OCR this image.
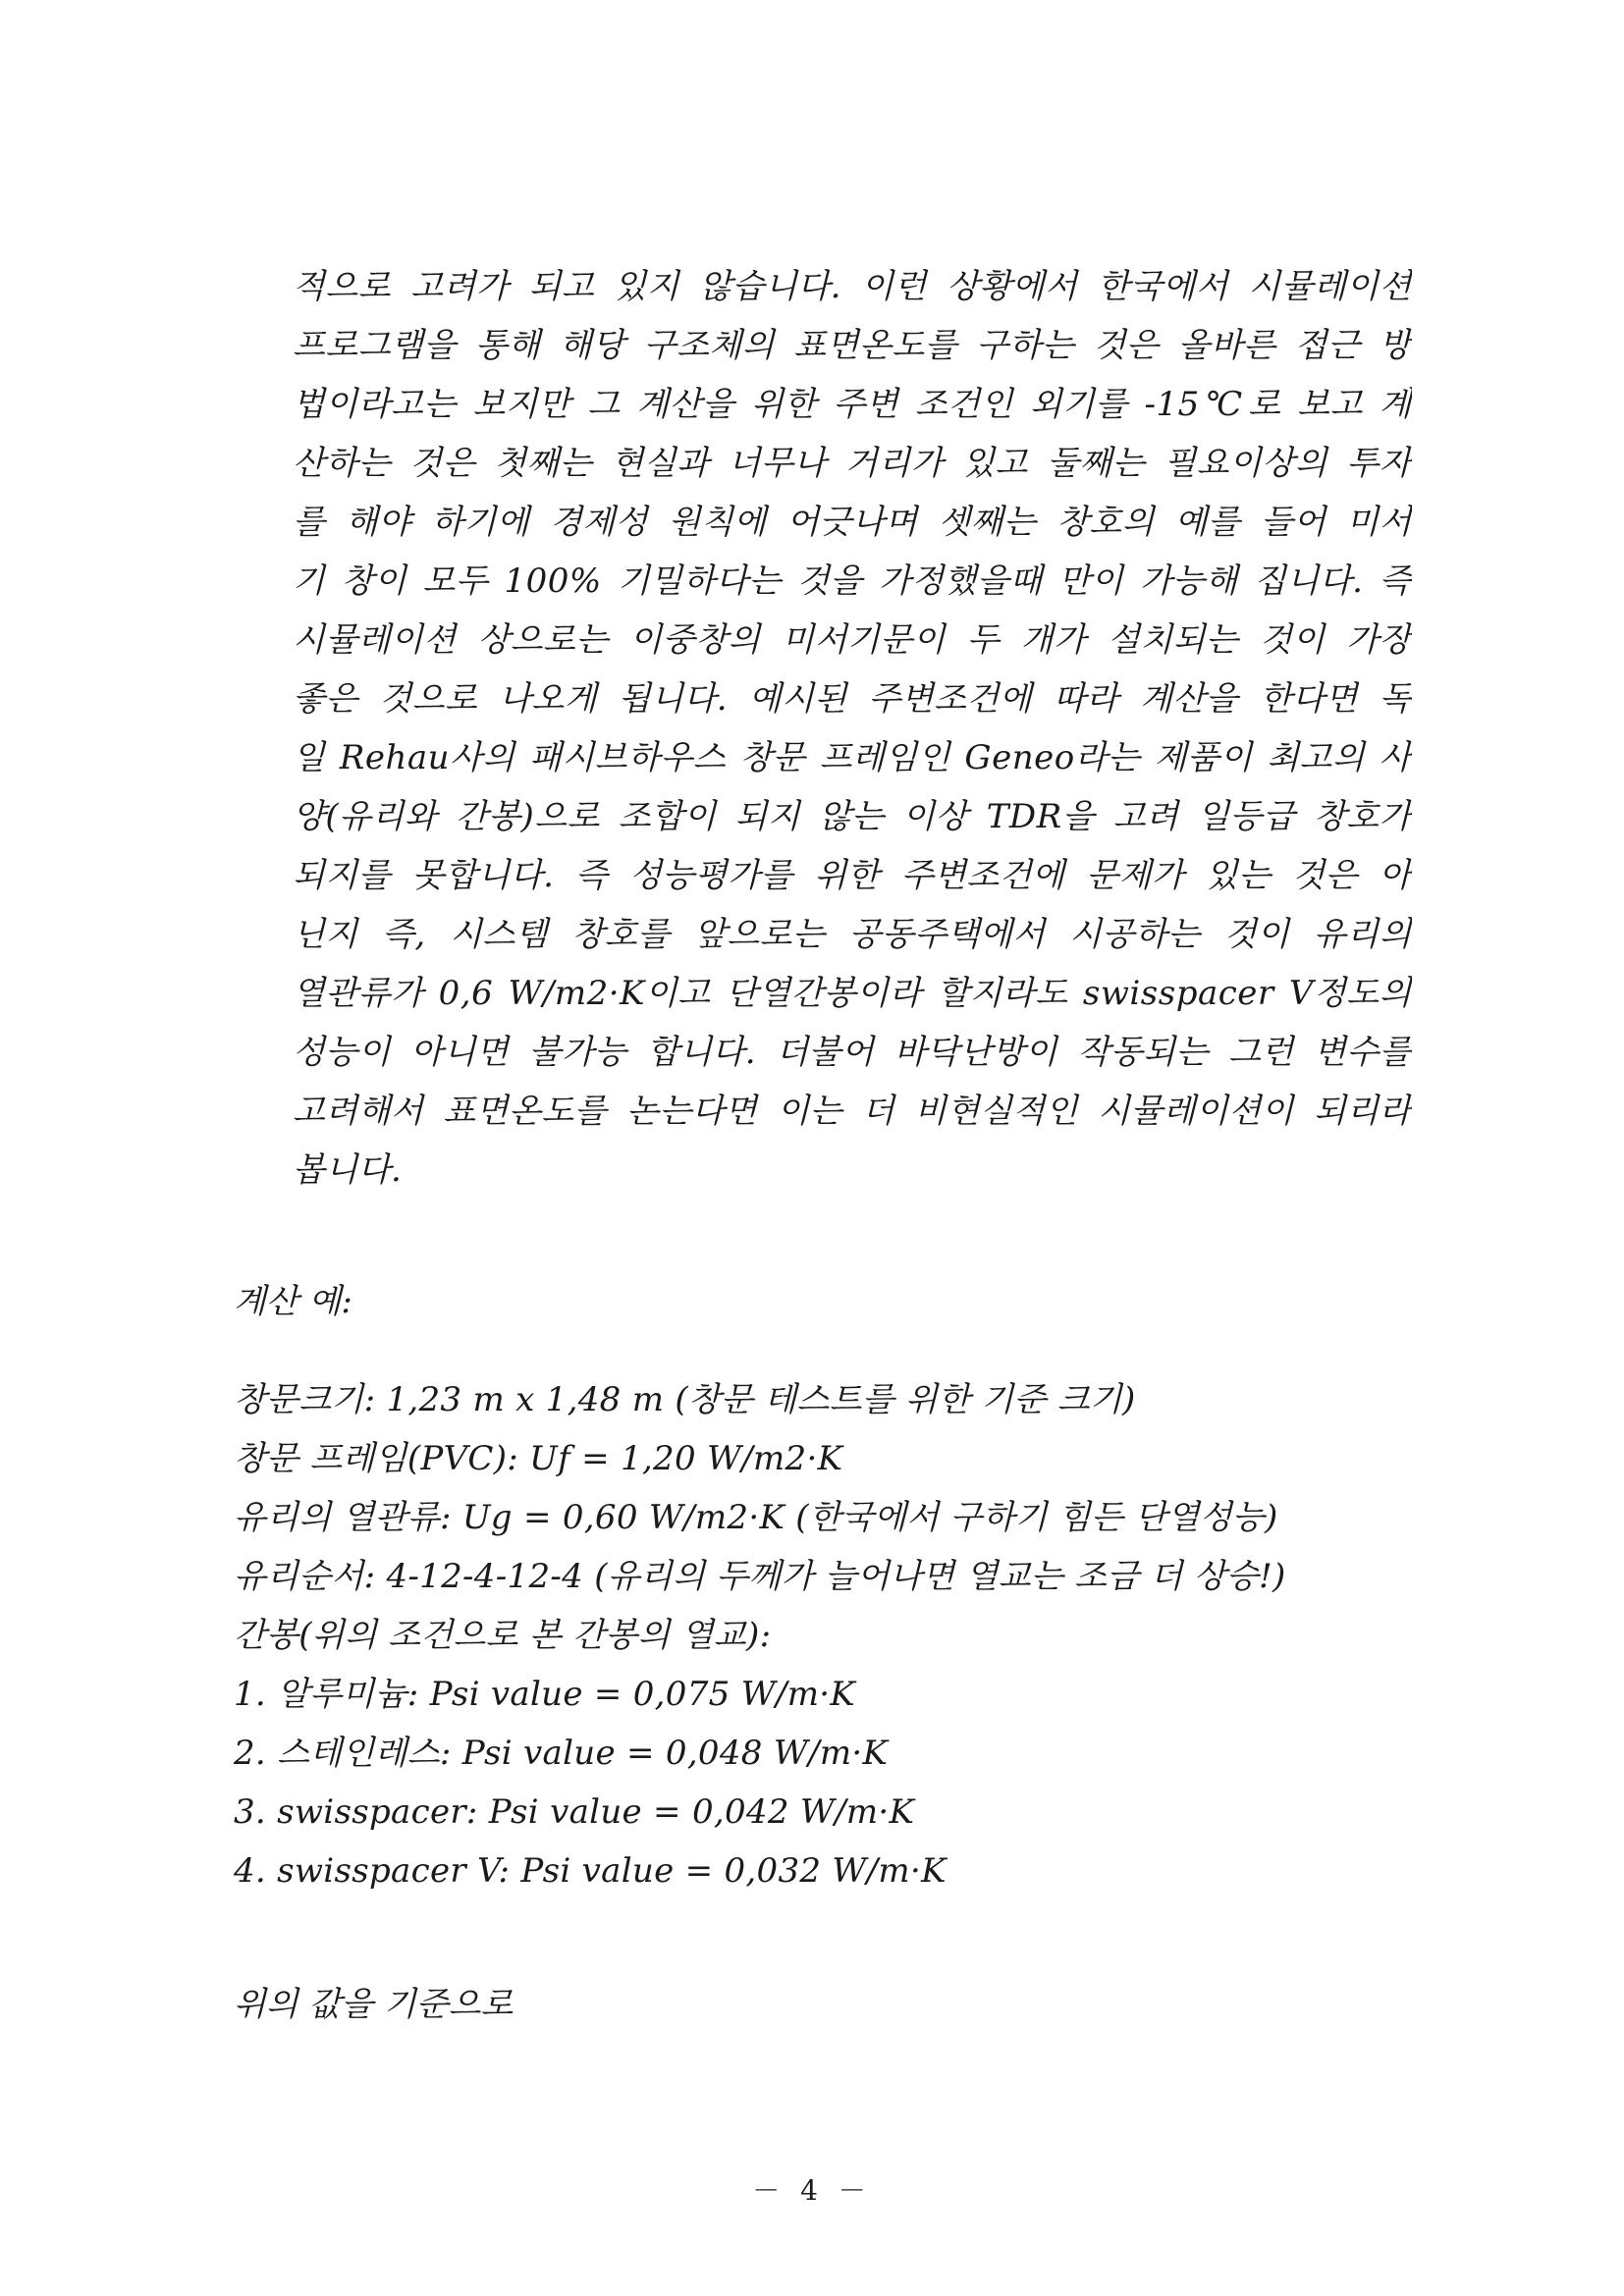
적으로 고려가 되고 있지 않습니다. 이런 상황에서 한국에서 시뮬레이션
프로그램을 통해 해당 구조체의 표면온도를 구하는 것은 올바른 접근 방
법이라고는 보지만 그 계산을 위한 주변 조건인 외기를 -15℃로 보고 계
산하는 것은 첫째는 현실과 너무나 거리가 있고 둘째는 필요이상의 투자
를 해야 하기에 경제성 원칙에 어긋나며 셋째는 창호의 예를 들어 미서
기 창이 모두 100% 기밀하다는 것을 가정했을때 만이 가능해 집니다. 즉
시뮬레이션 상으로는 이중창의 미서기문이 두 개가 설치되는 것이 가장
좋은 것으로 나오게 됩니다. 예시된 주변조건에 따라 계산을 한다면 독
일 Rehau사의 패시브하우스 창문 프레임인 Geneo라는 제품이 최고의 사
양(유리와 간봉)으로 조합이 되지 않는 이상 TDR을 고려 일등급 창호가
되지를 못합니다. 즉 성능평가를 위한 주변조건에 문제가 있는 것은 아
닌지 즉, 시스템 창호를 앞으로는 공동주택에서 시공하는 것이 유리의
열관류가 0,6 W/m2·K이고 단열간봉이라 할지라도 swisspacer V정도의
성능이 아니면 불가능 합니다. 더불어 바닥난방이 작동되는 그런 변수를
고려해서 표면온도를 논는다면 이는 더 비현실적인 시뮬레이션이 되리라
봅니다.
계산 예:
창문크기: 1,23 m x 1,48 m (창문 테스트를 위한 기준 크기)
창문 프레임(PVC): Uf = 1,20 W/m2·K
유리의 열관류: Ug = 0,60 W/m2·K (한국에서 구하기 힘든 단열성능)
유리순서: 4-12-4-12-4 (유리의 두께가 늘어나면 열교는 조금 더 상승!)
간봉(위의 조건으로 본 간봉의 열교):
1. 알루미늄: Psi value = 0,075 W/m·K
2. 스테인레스: Psi value = 0,048 W/m·K
3. swisspacer: Psi value = 0,042 W/m·K
4. swisspacer V: Psi value = 0,032 W/m·K
위의 값을 기준으로
－ 4 －
